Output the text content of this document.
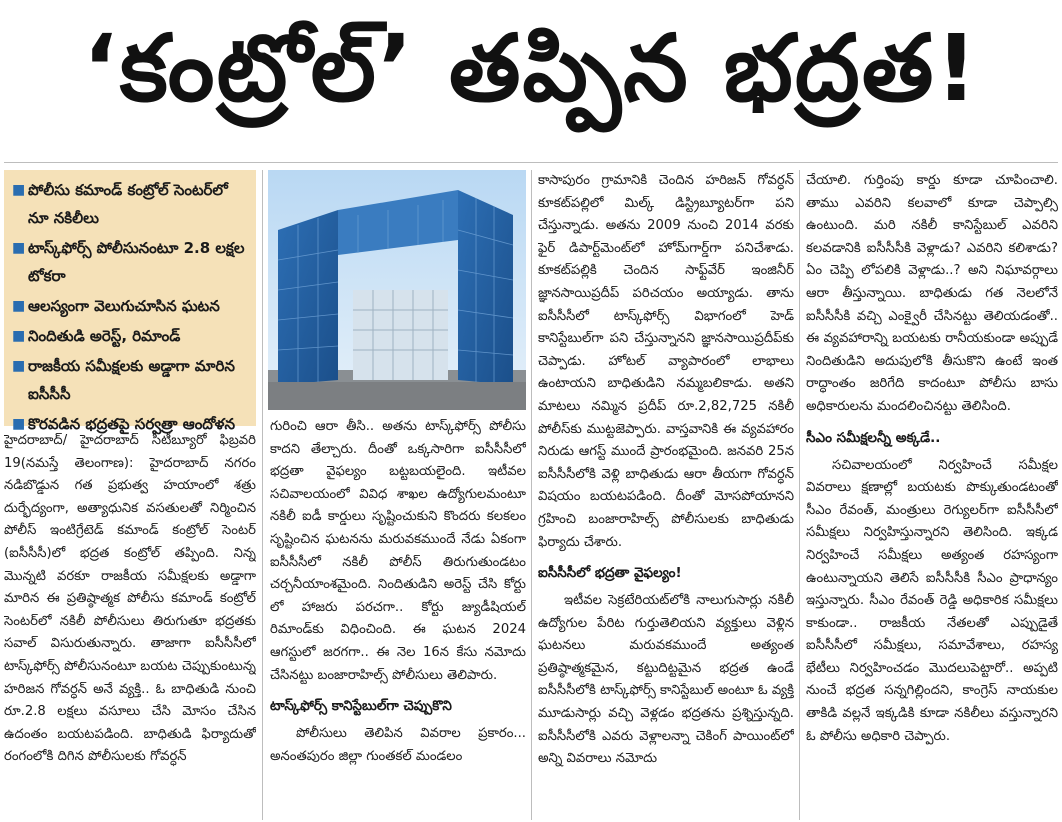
‘కంట్రోల్’ తప్పిన భద్రత!
■ పోలీసు కమాండ్ కంట్రోల్ సెంటర్‌లో నూ నకిలీలు
■ టాస్క్‌ఫోర్స్ పోలీసునంటూ 2.8 లక్షల టోకరా
■ ఆలస్యంగా వెలుగుచూసిన ఘటన
■ నిందితుడి అరెస్ట్, రిమాండ్
■ రాజకీయ సమీక్షలకు అడ్డాగా మారిన ఐసీసీసీ
■ కొరవడిన భద్రతపై సర్వత్రా ఆందోళన

హైదరాబాద్/ హైదరాబాద్ సిటీబ్యూరో ఫిబ్రవరి 19(నమస్తే తెలంగాణ): హైదరాబాద్ నగరం నడిబొడ్డున గత ప్రభుత్వ హయాంలో శత్రు దుర్భేద్యంగా, అత్యాధునిక వసతులతో నిర్మించిన పోలీస్ ఇంటిగ్రేటెడ్ కమాండ్ కంట్రోల్ సెంటర్ (ఐసీసీసీ)లో భద్రత కంట్రోల్ తప్పింది. నిన్న మొన్నటి వరకూ రాజకీయ సమీక్షలకు అడ్డాగా మారిన ఈ ప్రతిష్ఠాత్మక పోలీసు కమాండ్ కంట్రోల్ సెంటర్‌లో నకిలీ పోలీసులు తిరుగుతూ భద్రతకు సవాల్ విసురుతున్నారు. తాజాగా ఐసీసీసీలో టాస్క్‌ఫోర్స్ పోలీసునంటూ బయట చెప్పుకుంటున్న హరిజన గోవర్ధన్ అనే వ్యక్తి.. ఓ బాధితుడి నుంచి రూ.2.8 లక్షలు వసూలు చేసి మోసం చేసిన ఉదంతం బయటపడింది. బాధితుడి ఫిర్యాదుతో రంగంలోకి దిగిన పోలీసులకు గోవర్ధన్

గురించి ఆరా తీసి.. అతను టాస్క్‌ఫోర్స్ పోలీసు కాదని తేల్చారు. దీంతో ఒక్కసారిగా ఐసీసీసీలో భద్రతా వైఫల్యం బట్టబయలైంది. ఇటీవల సచివాలయంలో వివిధ శాఖల ఉద్యోగులమంటూ నకిలీ ఐడీ కార్డులు సృష్టించుకుని కొందరు కలకలం సృష్టించిన ఘటనను మరువకముందే నేడు ఏకంగా ఐసీసీసీలో నకిలీ పోలీస్ తిరుగుతుండటం చర్చనీయాంశమైంది. నిందితుడిని అరెస్ట్ చేసి కోర్టు లో హాజరు పరచగా.. కోర్టు జ్యుడీషియల్ రిమాండ్‌కు విధించింది. ఈ ఘటన 2024 ఆగస్టులో జరగగా.. ఈ నెల 16న కేసు నమోదు చేసినట్టు బంజారాహిల్స్ పోలీసులు తెలిపారు.

టాస్క్‌ఫోర్స్ కానిస్టేబుల్‌గా చెప్పుకొని

పోలీసులు తెలిపిన వివరాల ప్రకారం... అనంతపురం జిల్లా గుంతకల్ మండలం

కాసాపురం గ్రామానికి చెందిన హరిజన్ గోవర్ధన్ కూకట్‌పల్లిలో మిల్క్ డిస్ట్రిబ్యూటర్‌గా పని చేస్తున్నాడు. అతను 2009 నుంచి 2014 వరకు ఫైర్ డిపార్ట్‌మెంట్‌లో హోమ్‌గార్డ్‌గా పనిచేశాడు. కూకట్‌పల్లికి చెందిన సాఫ్ట్‌వేర్ ఇంజినీర్ జ్ఞానసాయిప్రదీప్ పరిచయం అయ్యాడు. తాను ఐసీసీసీలో టాస్క్‌ఫోర్స్ విభాగంలో హెడ్ కానిస్టేబుల్‌గా పని చేస్తున్నానని జ్ఞానసాయిప్రదీప్‌కు చెప్పాడు. హోటల్ వ్యాపారంలో లాభాలు ఉంటాయని బాధితుడిని నమ్మబలికాడు. అతని మాటలు నమ్మిన ప్రదీప్ రూ.2,82,725 నకిలీ పోలీస్‌కు ముట్టజెప్పారు. వాస్తవానికి ఈ వ్యవహారం నిరుడు ఆగస్ట్ ముందే ప్రారంభమైంది. జనవరి 25న ఐసీసీసీలోకి వెళ్లి బాధితుడు ఆరా తీయగా గోవర్ధన్ విషయం బయటపడింది. దీంతో మోసపోయానని గ్రహించి బంజారాహిల్స్ పోలీసులకు బాధితుడు ఫిర్యాదు చేశారు.

ఐసీసీసీలో భద్రతా వైఫల్యం!

ఇటీవల సెక్రటేరియట్‌లోకి నాలుగుసార్లు నకిలీ ఉద్యోగుల పేరిట గుర్తుతెలియని వ్యక్తులు వెళ్లిన ఘటనలు మరువకముందే అత్యంత ప్రతిష్ఠాత్మకమైన, కట్టుదిట్టమైన భద్రత ఉండే ఐసీసీసీలోకి టాస్క్‌ఫోర్స్ కానిస్టేబుల్ అంటూ ఓ వ్యక్తి మూడుసార్లు వచ్చి వెళ్లడం భద్రతను ప్రశ్నిస్తున్నది. ఐసీసీసీలోకి ఎవరు వెళ్లాలన్నా చెకింగ్ పాయింట్‌లో అన్ని వివరాలు నమోదు

చేయాలి. గుర్తింపు కార్డు కూడా చూపించాలి. తాము ఎవరిని కలవాలో కూడా చెప్పాల్సి ఉంటుంది. మరి నకిలీ కానిస్టేబుల్ ఎవరిని కలవడానికి ఐసీసీసీకి వెళ్లాడు? ఎవరిని కలిశాడు? ఏం చెప్పి లోపలికి వెళ్లాడు..? అని నిఘావర్గాలు ఆరా తీస్తున్నాయి. బాధితుడు గత నెలలోనే ఐసీసీసీకి వచ్చి ఎంక్వైరీ చేసినట్టు తెలియడంతో.. ఈ వ్యవహారాన్ని బయటకు రానీయకుండా అప్పుడే నిందితుడిని అదుపులోకి తీసుకొని ఉంటే ఇంత రాద్ధాంతం జరిగేది కాదంటూ పోలీసు బాసు అధికారులను మందలించినట్టు తెలిసింది.

సీఎం సమీక్షలన్నీ అక్కడే..

సచివాలయంలో నిర్వహించే సమీక్షల వివరాలు క్షణాల్లో బయటకు పొక్కుతుండటంతో సీఎం రేవంత్, మంత్రులు రెగ్యులర్‌గా ఐసీసీసీలో సమీక్షలు నిర్వహిస్తున్నారని తెలిసింది. ఇక్కడ నిర్వహించే సమీక్షలు అత్యంత రహస్యంగా ఉంటున్నాయని తెలిసే ఐసీసీసీకి సీఎం ప్రాధాన్యం ఇస్తున్నారు. సీఎం రేవంత్ రెడ్డి అధికారిక సమీక్షలు కాకుండా.. రాజకీయ నేతలతో ఎప్పుడైతే ఐసీసీసీలో సమీక్షలు, సమావేశాలు, రహస్య భేటీలు నిర్వహించడం మొదలుపెట్టారో.. అప్పటి నుంచే భద్రత సన్నగిల్లిందని, కాంగ్రెస్ నాయకుల తాకిడి వల్లనే ఇక్కడికి కూడా నకిలీలు వస్తున్నారని ఓ పోలీసు అధికారి చెప్పారు.
